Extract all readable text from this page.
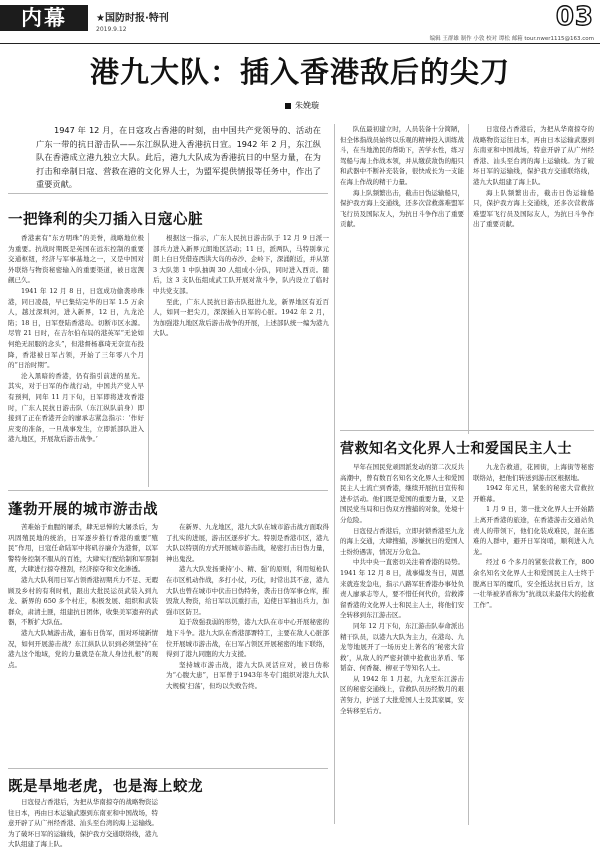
内幕	★国防时报·特刊
2019.9.12	03
编辑 王群雄 制作 小敦 校对 谭松 邮箱 tour.nwer1115@163.com
港九大队：插入香港敌后的尖刀
朱娩璇

1947 年 12 月，在日寇攻占香港的时刻，由中国共产党领导的、活动在广东一带的抗日游击队——东江纵队进入香港抗日宣。1942 年 2 月，东江纵队在香港成立港九独立大队。此后，港九大队成为香港抗日的中坚力量，在为打击和牵制日寇、营救在港的文化界人士，为盟军提供情报等任务中，作出了重要贡献。

一把锋利的尖刀插入日寇心脏

香港素有“东方明珠”的美誉，战略地位极为重要。抗战时期既是英国在远东控制的重要交通枢纽，经济与军事基地之一，又是中国对外联络与物资秘密输入的重要渠道，被日寇觊觎已久。

1941 年 12 月 8 日，日寇成功偷袭珍珠港，同日凌晨，早已集结完毕的日军 1.5 万余人，越过深圳河，进入新界，12 日，九龙沦陷；18 日，日军登陆香港岛。切断市区水源。尽管 21 日时，在吉尔伯布局的港英军“无论如何绝无屈服的念头”，但港督杨慕琦无奈宣布投降，香港被日军占领，开始了三年零八个月的“日治时期”。

沦入黑暗的香港，仍有指引前进的星光。其实，对于日军的作战行动，中国共产党人早有预判，同年 11 月下旬，日军即将进攻香港时，广东人民抗日游击队（东江纵队前身）即接到了正在香港开会的廖承志紧急指示：‘作好应变的准备，一旦战事发生，立即派部队进入港九地区，开展敌后游击战争。’

根据这一指示，广东人民抗日游击队于 12 月 9 日派一部兵力进入新界元朗地区活动；11 日，派两队，马特别拿元朗上白日凭借连西洪大岛的赤沙、企岭下，深涌附近，并从第 3 大队第 1 中队抽调 30 人组成小分队，同时进入西贡。随后，这 3 支队伍组成武工队开展对敌斗争，队内设立了临时中共党支部。

至此，广东人民抗日游击队挺进九龙，新界地区有近百人，如同一把尖刀，深深插入日军的心脏。1942 年 2 月，为加强港九地区敌后游击战争的开展，上述部队统一编为港九大队。

蓬勃开展的城市游击战

苦难始于血腥的屠杀，肆无忌惮的大屠杀后，为巩固殖民地的统治，日军逐步推行香港的重要“殖民”作用，日寇任命陆军中将矶谷廉介为港督，以军警特务控制不服从的百姓，大肆实行配给制和军票制度，大肆进行掠夺搜刮，经济掠夺和文化渗透。

港九大队利用日军占领香港初期兵力不足、无暇顾及乡村的有利时机，跟出大批民运员武装入到九龙、新界的 650 多个村庄，积极发展、组织和武装群众，肃清土匪，组建抗日团体，收集美军遗弃的武器，不断扩大队伍。

港九大队城游击战，遍布日伪军，面对环境新情况，如何开展游击战？东江纵队认识到必须坚持“在港九这个地域，党的力量就是在敌人身边扎根”的观点。

在新界、九龙地区，港九大队在城市游击战方面取得了扎实的进展，游击区逐步扩大。特别是香港市区，港九大队以特别的方式开展城市游击战，秘密打击日伪力量，神出鬼没。

港九大队发扬秉持‘小、精、强’的原则，利用短枪队在市区机动作战，多打小仗，巧仗，时常出其不意，港九大队也曾在城市中伏击日伪特务，袭击日伪军事仓库，摧毁敌人物资，给日军以沉重打击，迫使日军抽出兵力，加强市区防卫。

迫于敌强我弱的形势，港九大队在市中心开展秘密的地下斗争。港九大队在香港部署特工，主要在敌人心脏部位开展城市游击战，在日军占领区开展秘密的地下联络，得到了港九同胞的大力支援。

坚持城市游击战，港九大队灵活应对，被日伪称为“心腹大患”，日军曾于1943年冬专门组织对港九大队大规模‘扫荡’，但均以失败告终。

既是旱地老虎，也是海上蛟龙

日寇侵占香港后，为把从华南掠夺的战略物资运往日本，再由日本运输武器到东南亚和中国战场，特意开辟了从广州经香港、汕头至台湾的海上运输线。为了破坏日军的运输线，保护我方交通联络线，港九大队组建了海上队。

队伍最初建立时，人员装备十分简陋，但全体指战员始终以乐观的精神投入训练战斗，在当地渔民的帮助下，苦学水性，练习驾船与海上作战本领，并从缴获敌伪的船只和武器中不断补充装备，很快成长为一支能在海上作战的精干力量。

海上队频繁出击，截击日伪运输船只，保护我方海上交通线，还多次营救落难盟军飞行员及国际友人，为抗日斗争作出了重要贡献。

日寇侵占香港后，为把从华南掠夺的战略物资运往日本，再由日本运输武器到东南亚和中国战场，特意开辟了从广州经香港、汕头至台湾的海上运输线。为了破坏日军的运输线，保护我方交通联络线，港九大队组建了海上队。

海上队频繁出击，截击日伪运输船只，保护我方海上交通线，还多次营救落难盟军飞行员及国际友人，为抗日斗争作出了重要贡献。

营救知名文化界人士和爱国民主人士

早年在国民党顽固派发动的第二次反共高潮中，曾有数百名知名文化界人士和爱国民主人士流亡到香港，继续开展抗日宣传和进步活动。他们既是爱国的重要力量，又是国民党当局和日伪双方搜捕的对象，处境十分危险。

日寇侵占香港后，立即封锁香港至九龙的海上交通，大肆搜捕，涉嫌抗日的爱国人士纷纷遇害，情况万分危急。

中共中央一直密切关注着香港的局势。1941 年 12 月 8 日，战事爆发当日，周恩来就连发急电，指示八路军驻香港办事处负责人廖承志等人，要不惜任何代价，营救滞留香港的文化界人士和民主人士，将他们安全转移到东江游击区。

同年 12 月下旬，东江游击队奉命派出精干队员，以港九大队为主力，在港岛、九龙等地展开了一场历史上著名的‘秘密大营救’，从敌人的严密封锁中抢救出茅盾、邹韬奋、何香凝、柳亚子等知名人士。

从 1942 年 1 月起，九龙至东江游击区的秘密交通线上，营救队员历经数月的艰苦努力，护送了大批爱国人士及其家属，安全转移至后方。

九龙告救道，花园街，上海街等秘密联络站，把他们转送到游击区根据地。

1942 年元旦，紧张的秘密大营救拉开帷幕。

1 月 9 日，第一批文化界人士开始踏上离开香港的旅途，在香港游击交通站负责人的带领下，他们化装成难民，混在逃难的人群中，避开日军岗哨，顺利进入九龙。

经过 6 个多月的紧张营救工作，800 余名知名文化界人士和爱国民主人士终于脱离日军的魔爪，安全抵达抗日后方，这一壮举被茅盾称为“抗战以来最伟大的抢救工作”。
